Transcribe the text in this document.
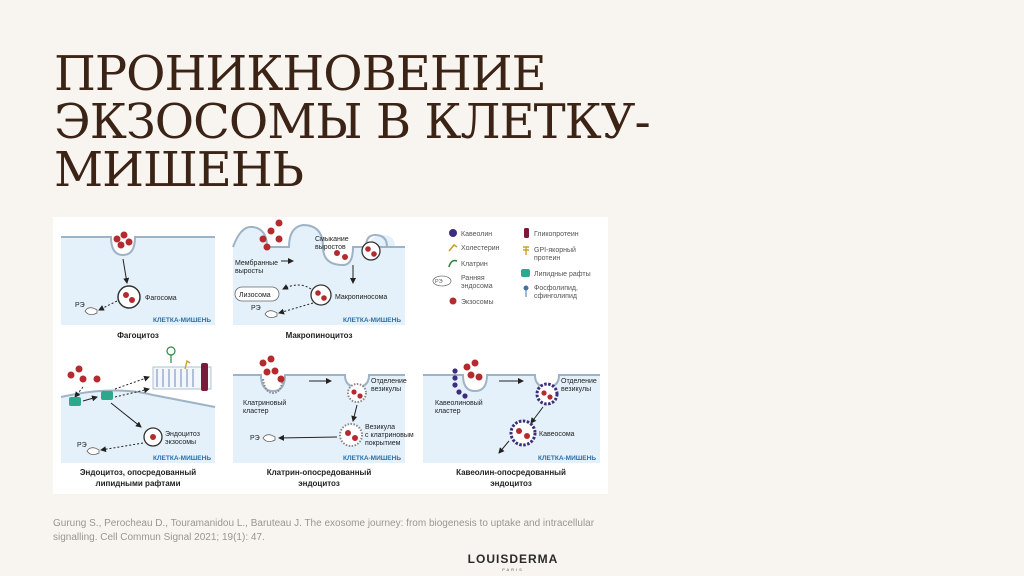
ПРОНИКНОВЕНИЕ
ЭКЗОСОМЫ В КЛЕТКУ-
МИШЕНЬ
Фагосома
РЭ
КЛЕТКА-МИШЕНЬ
Фагоцитоз
Смыкание
выростов
Мембранные
выросты
Макропиносома
Лизосома
РЭ
КЛЕТКА-МИШЕНЬ
Макропиноцитоз
Кавеолин
Холестерин
Клатрин
РЭ	Ранняя
эндосома
Экзосомы
Гликопротеин
GPI-якорный
протеин
Липидные рафты
Фосфолипид,
сфинголипид
Эндоцитоз
экзосомы
РЭ
КЛЕТКА-МИШЕНЬ
Эндоцитоз, опосредованный
липидными рафтами
Отделение
везикулы
Клатриновый
кластер
Везикула
с клатриновым
покрытием
РЭ
КЛЕТКА-МИШЕНЬ
Клатрин-опосредованный
эндоцитоз
Отделение
везикулы
Кавеолиновый
кластер
Кавеосома
КЛЕТКА-МИШЕНЬ
Кавеолин-опосредованный
эндоцитоз
Gurung S., Perocheau D., Touramanidou L., Baruteau J. The exosome journey: from biogenesis to uptake and intracellular
signalling. Cell Commun Signal 2021; 19(1): 47.
LOUISDERMA
PARIS
